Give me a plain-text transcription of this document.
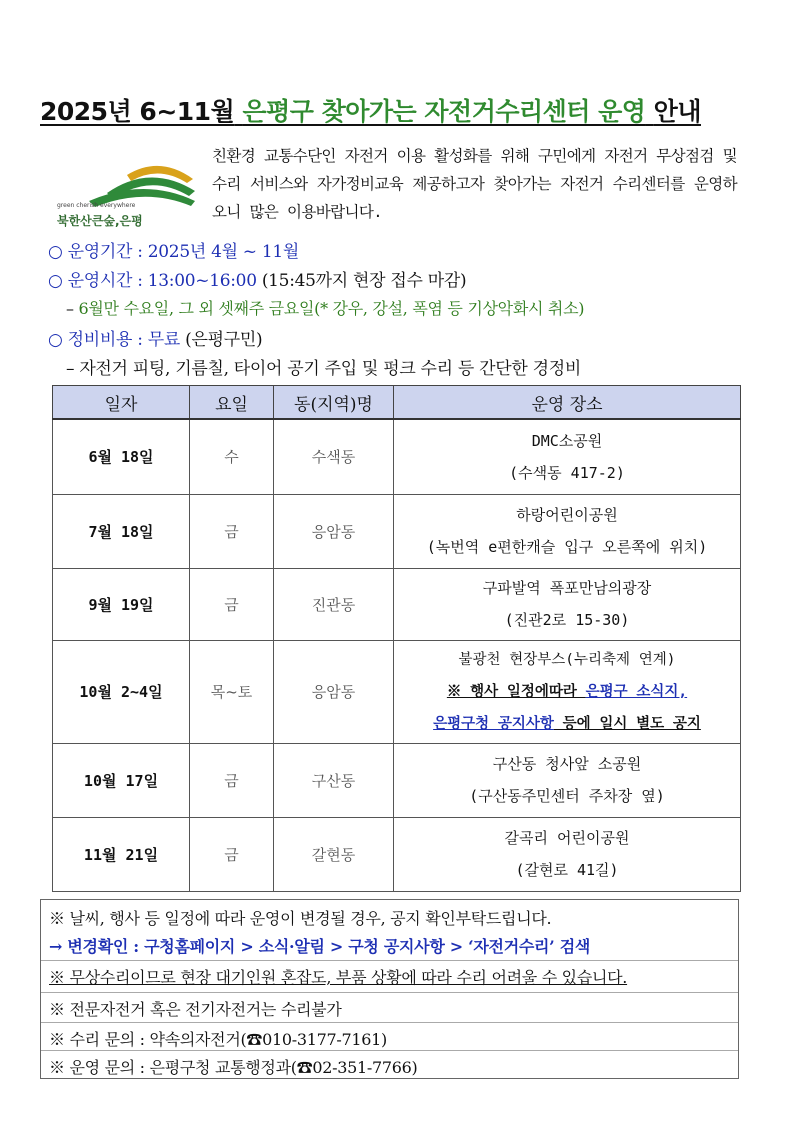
2025년 6~11월 은평구 찾아가는 자전거수리센터 운영 안내
green cherish everywhere
북한산큰숲,은평
친환경 교통수단인 자전거 이용 활성화를 위해 구민에게 자전거 무상점검 및 수리 서비스와 자가정비교육 제공하고자 찾아가는 자전거 수리센터를 운영하오니 많은 이용바랍니다.
○ 운영기간 : 2025년 4월 ~ 11월
○ 운영시간 : 13:00~16:00 (15:45까지 현장 접수 마감)
– 6월만 수요일, 그 외 셋째주 금요일(* 강우, 강설, 폭염 등 기상악화시 취소)
○ 정비비용 : 무료 (은평구민)
– 자전거 피팅, 기름칠, 타이어 공기 주입 및 펑크 수리 등 간단한 경정비
일자	요일	동(지역)명	운영 장소
6월 18일	수	수색동	DMC소공원
(수색동 417-2)

7월 18일	금	응암동	하랑어린이공원
(녹번역 e편한캐슬 입구 오른쪽에 위치)

9월 19일	금	진관동	구파발역 폭포만남의광장
(진관2로 15-30)

10월 2~4일	목~토	응암동	불광천 현장부스(누리축제 연계)
※ 행사 일정에따라 은평구 소식지,
은평구청 공지사항 등에 일시 별도 공지

10월 17일	금	구산동	구산동 청사앞 소공원
(구산동주민센터 주차장 옆)

11월 21일	금	갈현동	갈곡리 어린이공원
(갈현로 41길)
※ 날씨, 행사 등 일정에 따라 운영이 변경될 경우, 공지 확인부탁드립니다.
→ 변경확인 : 구청홈페이지 > 소식·알림 > 구청 공지사항 > ‘자전거수리’ 검색
※ 무상수리이므로 현장 대기인원 혼잡도, 부품 상황에 따라 수리 어려울 수 있습니다.
※ 전문자전거 혹은 전기자전거는 수리불가
※ 수리 문의 : 약속의자전거(☎010-3177-7161)
※ 운영 문의 : 은평구청 교통행정과(☎02-351-7766)
